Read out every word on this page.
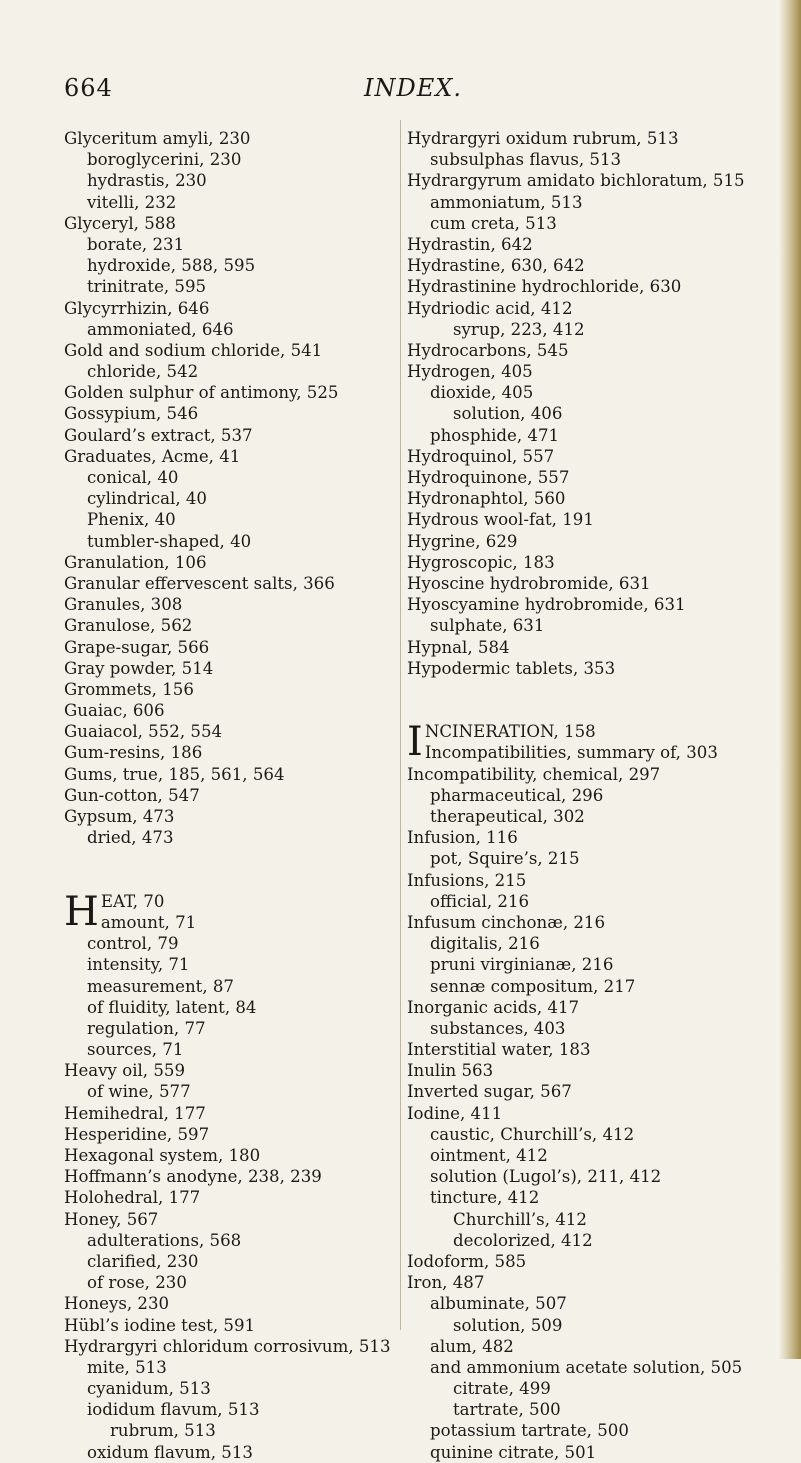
664	INDEX.
Glyceritum amyli, 230
boroglycerini, 230
hydrastis, 230
vitelli, 232
Glyceryl, 588
borate, 231
hydroxide, 588, 595
trinitrate, 595
Glycyrrhizin, 646
ammoniated, 646
Gold and sodium chloride, 541
chloride, 542
Golden sulphur of antimony, 525
Gossypium, 546
Goulard’s extract, 537
Graduates, Acme, 41
conical, 40
cylindrical, 40
Phenix, 40
tumbler-shaped, 40
Granulation, 106
Granular effervescent salts, 366
Granules, 308
Granulose, 562
Grape-sugar, 566
Gray powder, 514
Grommets, 156
Guaiac, 606
Guaiacol, 552, 554
Gum-resins, 186
Gums, true, 185, 561, 564
Gun-cotton, 547
Gypsum, 473
dried, 473
H EAT, 70
amount, 71
control, 79
intensity, 71
measurement, 87
of fluidity, latent, 84
regulation, 77
sources, 71
Heavy oil, 559
of wine, 577
Hemihedral, 177
Hesperidine, 597
Hexagonal system, 180
Hoffmann’s anodyne, 238, 239
Holohedral, 177
Honey, 567
adulterations, 568
clarified, 230
of rose, 230
Honeys, 230
Hübl’s iodine test, 591
Hydrargyri chloridum corrosivum, 513
mite, 513
cyanidum, 513
iodidum flavum, 513
rubrum, 513
oxidum flavum, 513
Hydrargyri oxidum rubrum, 513
subsulphas flavus, 513
Hydrargyrum amidato bichloratum, 515
ammoniatum, 513
cum creta, 513
Hydrastin, 642
Hydrastine, 630, 642
Hydrastinine hydrochloride, 630
Hydriodic acid, 412
syrup, 223, 412
Hydrocarbons, 545
Hydrogen, 405
dioxide, 405
solution, 406
phosphide, 471
Hydroquinol, 557
Hydroquinone, 557
Hydronaphtol, 560
Hydrous wool-fat, 191
Hygrine, 629
Hygroscopic, 183
Hyoscine hydrobromide, 631
Hyoscyamine hydrobromide, 631
sulphate, 631
Hypnal, 584
Hypodermic tablets, 353
I NCINERATION, 158
Incompatibilities, summary of, 303
Incompatibility, chemical, 297
pharmaceutical, 296
therapeutical, 302
Infusion, 116
pot, Squire’s, 215
Infusions, 215
official, 216
Infusum cinchonæ, 216
digitalis, 216
pruni virginianæ, 216
sennæ compositum, 217
Inorganic acids, 417
substances, 403
Interstitial water, 183
Inulin 563
Inverted sugar, 567
Iodine, 411
caustic, Churchill’s, 412
ointment, 412
solution (Lugol’s), 211, 412
tincture, 412
Churchill’s, 412
decolorized, 412
Iodoform, 585
Iron, 487
albuminate, 507
solution, 509
alum, 482
and ammonium acetate solution, 505
citrate, 499
tartrate, 500
potassium tartrate, 500
quinine citrate, 501
